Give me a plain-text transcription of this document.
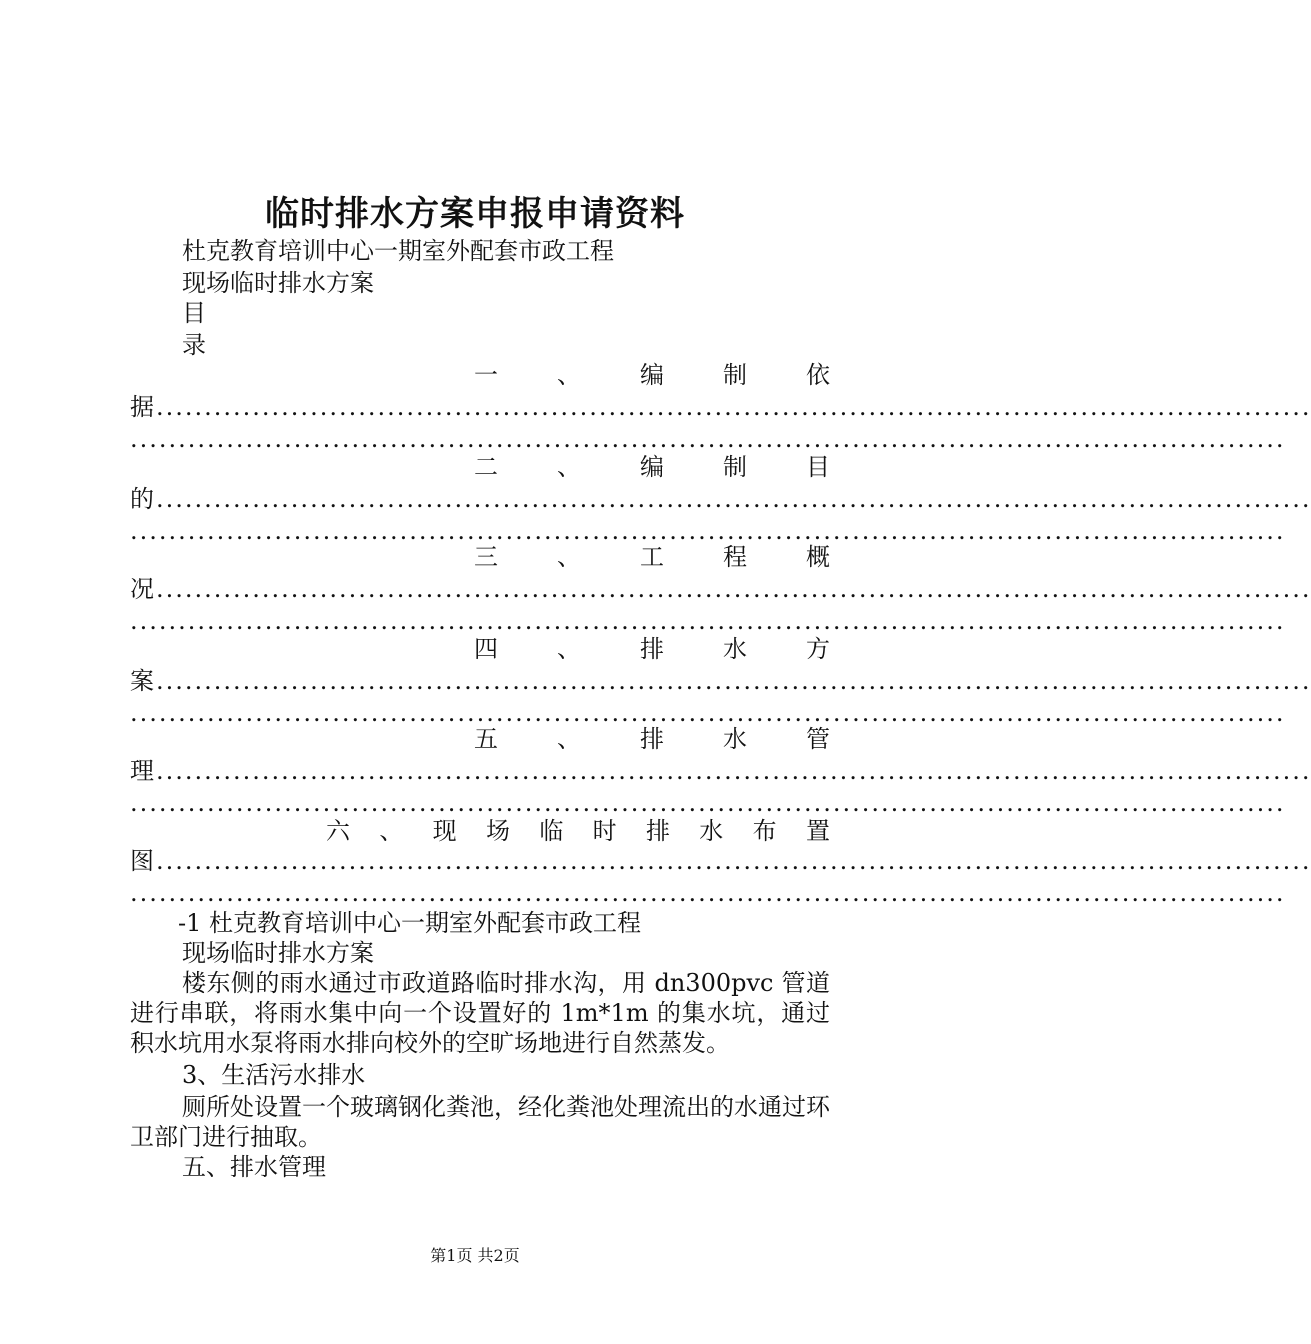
临时排水方案申报申请资料
杜克教育培训中心一期室外配套市政工程
现场临时排水方案
目
录
一 、 编 制 依
据........................................................................................................................
........................................................................................................................
二 、 编 制 目
的........................................................................................................................
........................................................................................................................
三 、 工 程 概
况........................................................................................................................
........................................................................................................................
四 、 排 水 方
案........................................................................................................................
........................................................................................................................
五 、 排 水 管
理........................................................................................................................
........................................................................................................................
六 、 现 场 临 时 排 水 布 置
图........................................................................................................................
........................................................................................................................
-1 杜克教育培训中心一期室外配套市政工程
现场临时排水方案
楼东侧的雨水通过市政道路临时排水沟，用 dn300pvc 管道进行串联，将雨水集中向一个设置好的 1m*1m 的集水坑，通过积水坑用水泵将雨水排向校外的空旷场地进行自然蒸发。
3、生活污水排水
厕所处设置一个玻璃钢化粪池，经化粪池处理流出的水通过环卫部门进行抽取。
五、排水管理
第1页 共2页
